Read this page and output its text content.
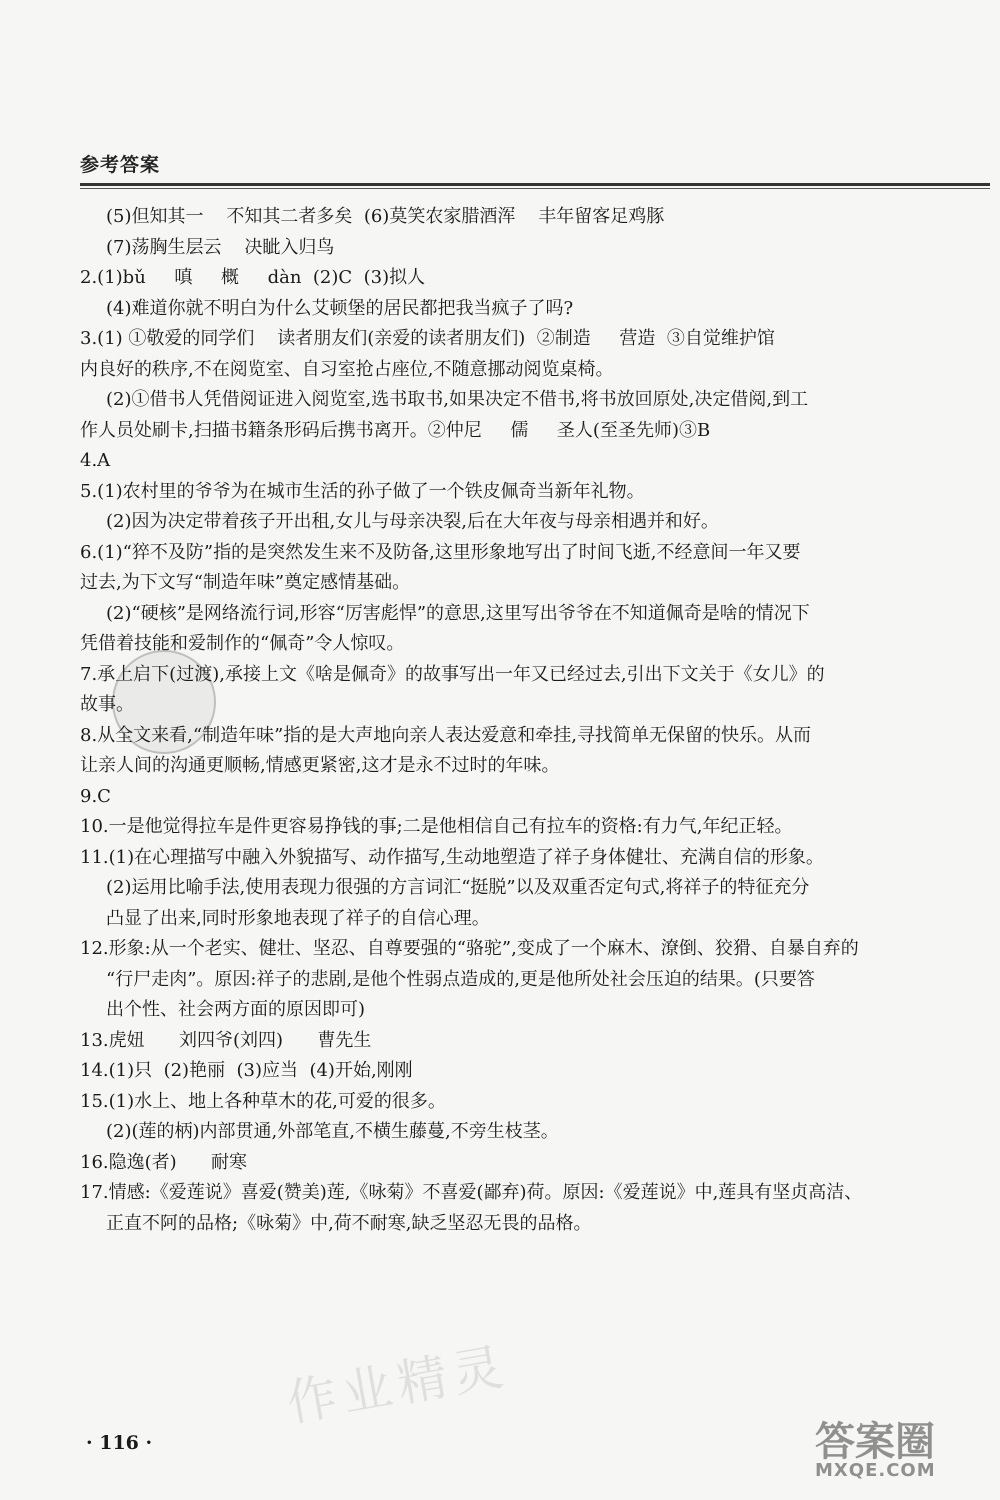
参考答案
(5)但知其一    不知其二者多矣  (6)莫笑农家腊酒浑    丰年留客足鸡豚
(7)荡胸生层云    决眦入归鸟
2.(1)bǔ     嗔     概     dàn  (2)C  (3)拟人
(4)难道你就不明白为什么艾顿堡的居民都把我当疯子了吗?
3.(1) ①敬爱的同学们    读者朋友们(亲爱的读者朋友们)  ②制造     营造  ③自觉维护馆
内良好的秩序,不在阅览室、自习室抢占座位,不随意挪动阅览桌椅。
(2)①借书人凭借阅证进入阅览室,选书取书,如果决定不借书,将书放回原处,决定借阅,到工
作人员处刷卡,扫描书籍条形码后携书离开。②仲尼     儒     圣人(至圣先师)③B
4.A
5.(1)农村里的爷爷为在城市生活的孙子做了一个铁皮佩奇当新年礼物。
(2)因为决定带着孩子开出租,女儿与母亲决裂,后在大年夜与母亲相遇并和好。
6.(1)“猝不及防”指的是突然发生来不及防备,这里形象地写出了时间飞逝,不经意间一年又要
过去,为下文写“制造年味”奠定感情基础。
(2)“硬核”是网络流行词,形容“厉害彪悍”的意思,这里写出爷爷在不知道佩奇是啥的情况下
凭借着技能和爱制作的“佩奇”令人惊叹。
7.承上启下(过渡),承接上文《啥是佩奇》的故事写出一年又已经过去,引出下文关于《女儿》的
故事。
8.从全文来看,“制造年味”指的是大声地向亲人表达爱意和牵挂,寻找简单无保留的快乐。从而
让亲人间的沟通更顺畅,情感更紧密,这才是永不过时的年味。
9.C
10.一是他觉得拉车是件更容易挣钱的事;二是他相信自己有拉车的资格:有力气,年纪正轻。
11.(1)在心理描写中融入外貌描写、动作描写,生动地塑造了祥子身体健壮、充满自信的形象。
(2)运用比喻手法,使用表现力很强的方言词汇“挺脱”以及双重否定句式,将祥子的特征充分
凸显了出来,同时形象地表现了祥子的自信心理。
12.形象:从一个老实、健壮、坚忍、自尊要强的“骆驼”,变成了一个麻木、潦倒、狡猾、自暴自弃的
“行尸走肉”。原因:祥子的悲剧,是他个性弱点造成的,更是他所处社会压迫的结果。(只要答
出个性、社会两方面的原因即可)
13.虎妞      刘四爷(刘四)      曹先生
14.(1)只  (2)艳丽  (3)应当  (4)开始,刚刚
15.(1)水上、地上各种草木的花,可爱的很多。
(2)(莲的柄)内部贯通,外部笔直,不横生藤蔓,不旁生枝茎。
16.隐逸(者)      耐寒
17.情感:《爱莲说》喜爱(赞美)莲,《咏菊》不喜爱(鄙弃)荷。原因:《爱莲说》中,莲具有坚贞高洁、
正直不阿的品格;《咏菊》中,荷不耐寒,缺乏坚忍无畏的品格。
作业精灵
· 116 ·	答案圈
MXQE.COM
